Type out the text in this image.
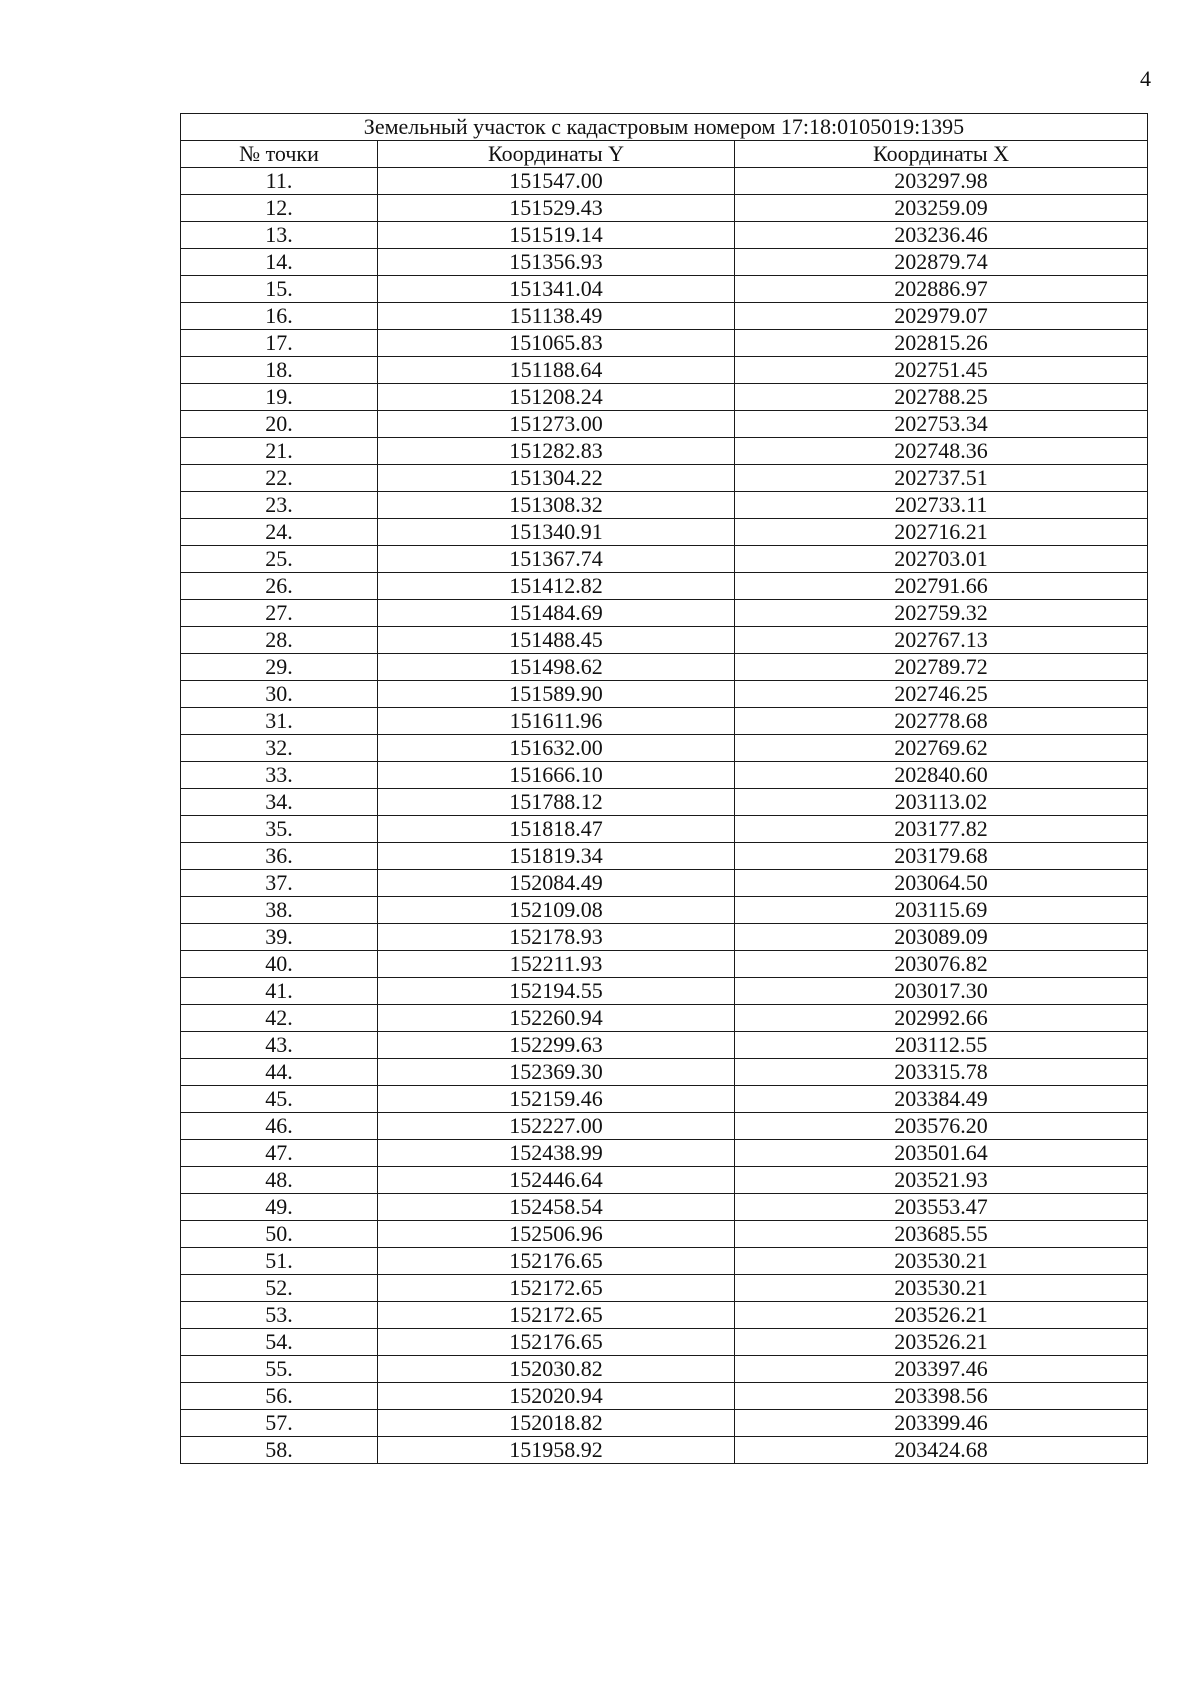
4
Земельный участок с кадастровым номером 17:18:0105019:1395		
№ точки	Координаты Y	Координаты X
11.	151547.00	203297.98
12.	151529.43	203259.09
13.	151519.14	203236.46
14.	151356.93	202879.74
15.	151341.04	202886.97
16.	151138.49	202979.07
17.	151065.83	202815.26
18.	151188.64	202751.45
19.	151208.24	202788.25
20.	151273.00	202753.34
21.	151282.83	202748.36
22.	151304.22	202737.51
23.	151308.32	202733.11
24.	151340.91	202716.21
25.	151367.74	202703.01
26.	151412.82	202791.66
27.	151484.69	202759.32
28.	151488.45	202767.13
29.	151498.62	202789.72
30.	151589.90	202746.25
31.	151611.96	202778.68
32.	151632.00	202769.62
33.	151666.10	202840.60
34.	151788.12	203113.02
35.	151818.47	203177.82
36.	151819.34	203179.68
37.	152084.49	203064.50
38.	152109.08	203115.69
39.	152178.93	203089.09
40.	152211.93	203076.82
41.	152194.55	203017.30
42.	152260.94	202992.66
43.	152299.63	203112.55
44.	152369.30	203315.78
45.	152159.46	203384.49
46.	152227.00	203576.20
47.	152438.99	203501.64
48.	152446.64	203521.93
49.	152458.54	203553.47
50.	152506.96	203685.55
51.	152176.65	203530.21
52.	152172.65	203530.21
53.	152172.65	203526.21
54.	152176.65	203526.21
55.	152030.82	203397.46
56.	152020.94	203398.56
57.	152018.82	203399.46
58.	151958.92	203424.68
